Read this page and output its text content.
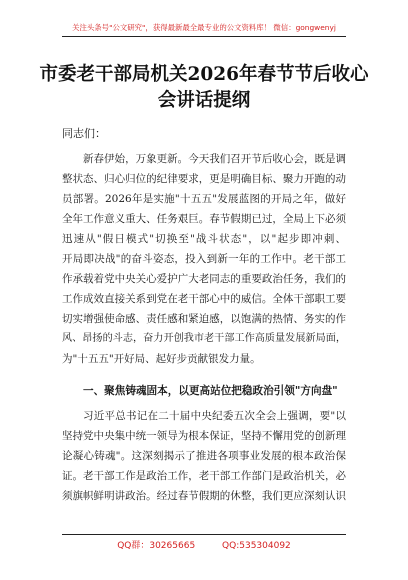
关注头条号"公文研究"，获得最新最全最专业的公文资料库！ 微信：gongwenyj
市委老干部局机关2026年春节节后收心
会讲话提纲
同志们：
新春伊始，万象更新。今天我们召开节后收心会，既是调
整状态、归心归位的纪律要求，更是明确目标、聚力开跑的动
员部署。2026年是实施"十五五"发展蓝图的开局之年，做好
全年工作意义重大、任务艰巨。春节假期已过，全局上下必须
迅速从"假日模式"切换至"战斗状态"，以"起步即冲刺、
开局即决战"的奋斗姿态，投入到新一年的工作中。老干部工
作承载着党中央关心爱护广大老同志的重要政治任务，我们的
工作成效直接关系到党在老干部心中的威信。全体干部职工要
切实增强使命感、责任感和紧迫感，以饱满的热情、务实的作
风、昂扬的斗志，奋力开创我市老干部工作高质量发展新局面，
为"十五五"开好局、起好步贡献银发力量。
一、聚焦铸魂固本，以更高站位把稳政治引领"方向盘"
习近平总书记在二十届中央纪委五次全会上强调，要"以
坚持党中央集中统一领导为根本保证，坚持不懈用党的创新理
论凝心铸魂"。这深刻揭示了推进各项事业发展的根本政治保
证。老干部工作是政治工作，老干部工作部门是政治机关，必
须旗帜鲜明讲政治。经过春节假期的休整，我们更应深刻认识
QQ群：30265665	QQ:535304092
